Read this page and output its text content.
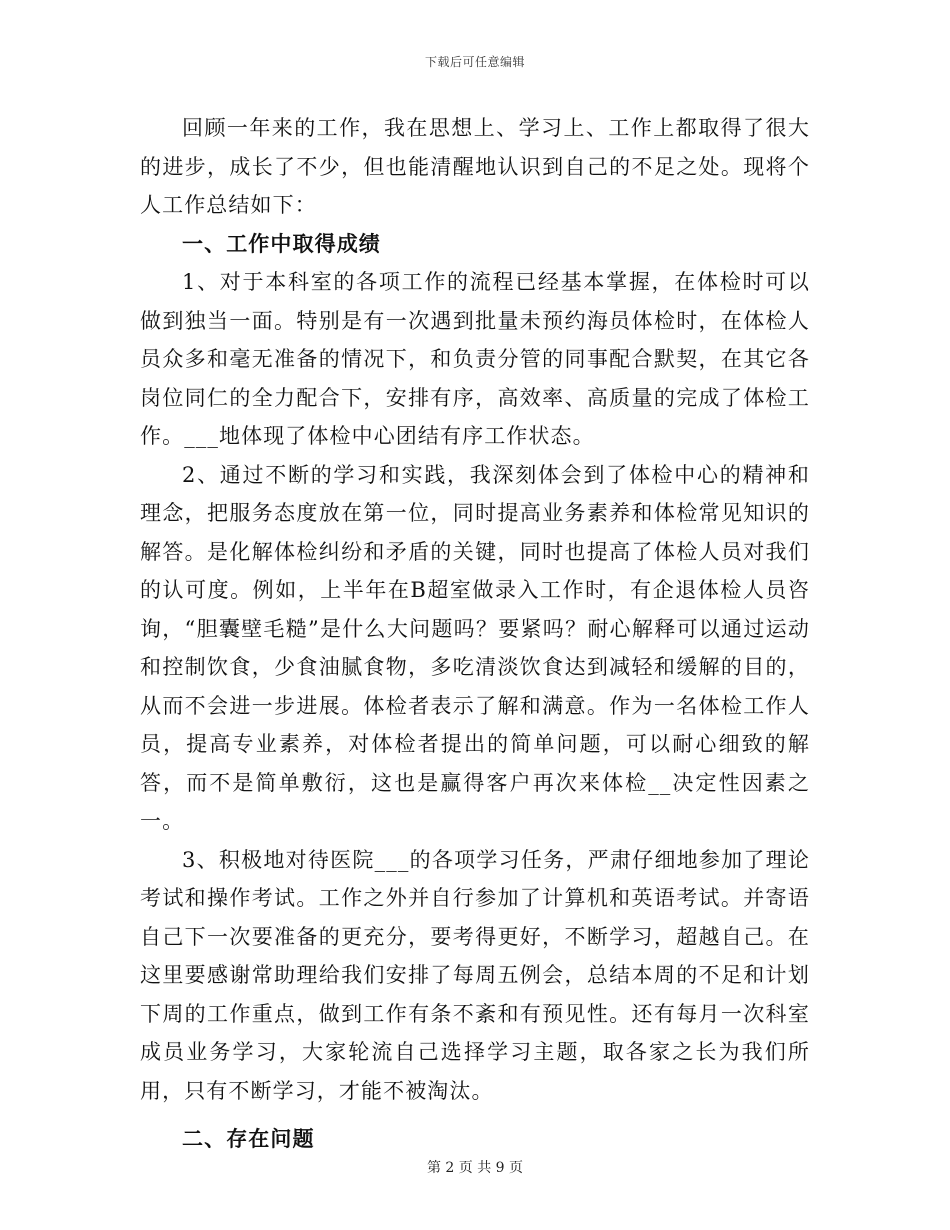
下载后可任意编辑

回顾一年来的工作，我在思想上、学习上、工作上都取得了很大的进步，成长了不少，但也能清醒地认识到自己的不足之处。现将个人工作总结如下：

一、工作中取得成绩

1、对于本科室的各项工作的流程已经基本掌握，在体检时可以做到独当一面。特别是有一次遇到批量未预约海员体检时，在体检人员众多和毫无准备的情况下，和负责分管的同事配合默契，在其它各岗位同仁的全力配合下，安排有序，高效率、高质量的完成了体检工作。___地体现了体检中心团结有序工作状态。

2、通过不断的学习和实践，我深刻体会到了体检中心的精神和理念，把服务态度放在第一位，同时提高业务素养和体检常见知识的解答。是化解体检纠纷和矛盾的关键，同时也提高了体检人员对我们的认可度。例如，上半年在B超室做录入工作时，有企退体检人员咨询，“胆囊壁毛糙”是什么大问题吗？要紧吗？耐心解释可以通过运动和控制饮食，少食油腻食物，多吃清淡饮食达到减轻和缓解的目的，从而不会进一步进展。体检者表示了解和满意。作为一名体检工作人员，提高专业素养，对体检者提出的简单问题，可以耐心细致的解答，而不是简单敷衍，这也是赢得客户再次来体检__决定性因素之一。

3、积极地对待医院___的各项学习任务，严肃仔细地参加了理论考试和操作考试。工作之外并自行参加了计算机和英语考试。并寄语自己下一次要准备的更充分，要考得更好，不断学习，超越自己。在这里要感谢常助理给我们安排了每周五例会，总结本周的不足和计划下周的工作重点，做到工作有条不紊和有预见性。还有每月一次科室成员业务学习，大家轮流自己选择学习主题，取各家之长为我们所用，只有不断学习，才能不被淘汰。

二、存在问题

第 2 页 共 9 页
